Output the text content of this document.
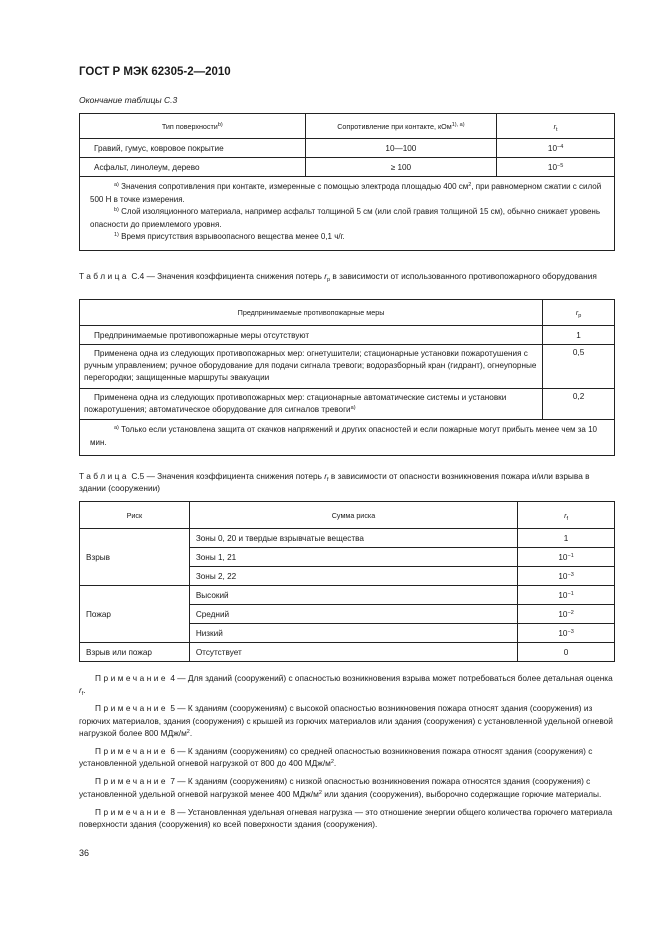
ГОСТ Р МЭК 62305-2—2010
Окончание таблицы С.3
Тип поверхности$^{b)}$	Сопротивление при контакте, кОм$^{1), а)}$	$r_t$
Гравий, гумус, ковровое покрытие	10—100	$10^{-4}$
Асфальт, линолеум, дерево	≥ 100	$10^{-5}$

$^{а)}$ Значения сопротивления при контакте, измеренные с помощью электрода площадью 400 $см^2$, при равномерном сжатии с силой 500 Н в точке измерения.

$^{b)}$ Слой изоляционного материала, например асфальт толщиной 5 см (или слой гравия толщиной 15 см), обычно снижает уровень опасности до приемлемого уровня.

$^{1)}$ Время присутствия взрывоопасного вещества менее 0,1 ч/г.		

Таблица С.4 — Значения коэффициента снижения потерь $r_p$ в зависимости от использованного противопожарного оборудования
Предпринимаемые противопожарные меры	$r_p$
Предпринимаемые противопожарные меры отсутствуют	1
Применена одна из следующих противопожарных мер: огнетушители; стационарные установки пожаротушения с ручным управлением; ручное оборудование для подачи сигнала тревоги; водоразборный кран (гидрант), огнеупорные перегородки; защищенные маршруты эвакуации	0,5
Применена одна из следующих противопожарных мер: стационарные автоматические системы и установки пожаротушения; автоматическое оборудование для сигналов тревоги$^{а)}$	0,2

$^{а)}$ Только если установлена защита от скачков напряжений и других опасностей и если пожарные могут прибыть менее чем за 10 мин.	

Таблица С.5 — Значения коэффициента снижения потерь $r_f$ в зависимости от опасности возникновения пожара и/или взрыва в здании (сооружении)
Риск	Сумма риска	$r_f$
Взрыв	Зоны 0, 20 и твердые взрывчатые вещества	1
	Зоны 1, 21	$10^{-1}$
	Зоны 2, 22	$10^{-3}$
Пожар	Высокий	$10^{-1}$
	Средний	$10^{-2}$
	Низкий	$10^{-3}$
Взрыв или пожар	Отсутствует	0

Примечание 4 — Для зданий (сооружений) с опасностью возникновения взрыва может потребоваться более детальная оценка $r_f$.

Примечание 5 — К зданиям (сооружениям) с высокой опасностью возникновения пожара относят здания (сооружения) из горючих материалов, здания (сооружения) с крышей из горючих материалов или здания (сооружения) с установленной удельной огневой нагрузкой более 800 МДж/$м^2$.

Примечание 6 — К зданиям (сооружениям) со средней опасностью возникновения пожара относят здания (сооружения) с установленной удельной огневой нагрузкой от 800 до 400 МДж/$м^2$.

Примечание 7 — К зданиям (сооружениям) с низкой опасностью возникновения пожара относятся здания (сооружения) с установленной удельной огневой нагрузкой менее 400 МДж/$м^2$ или здания (сооружения), выборочно содержащие горючие материалы.

Примечание 8 — Установленная удельная огневая нагрузка — это отношение энергии общего количества горючего материала поверхности здания (сооружения) ко всей поверхности здания (сооружения).

36
